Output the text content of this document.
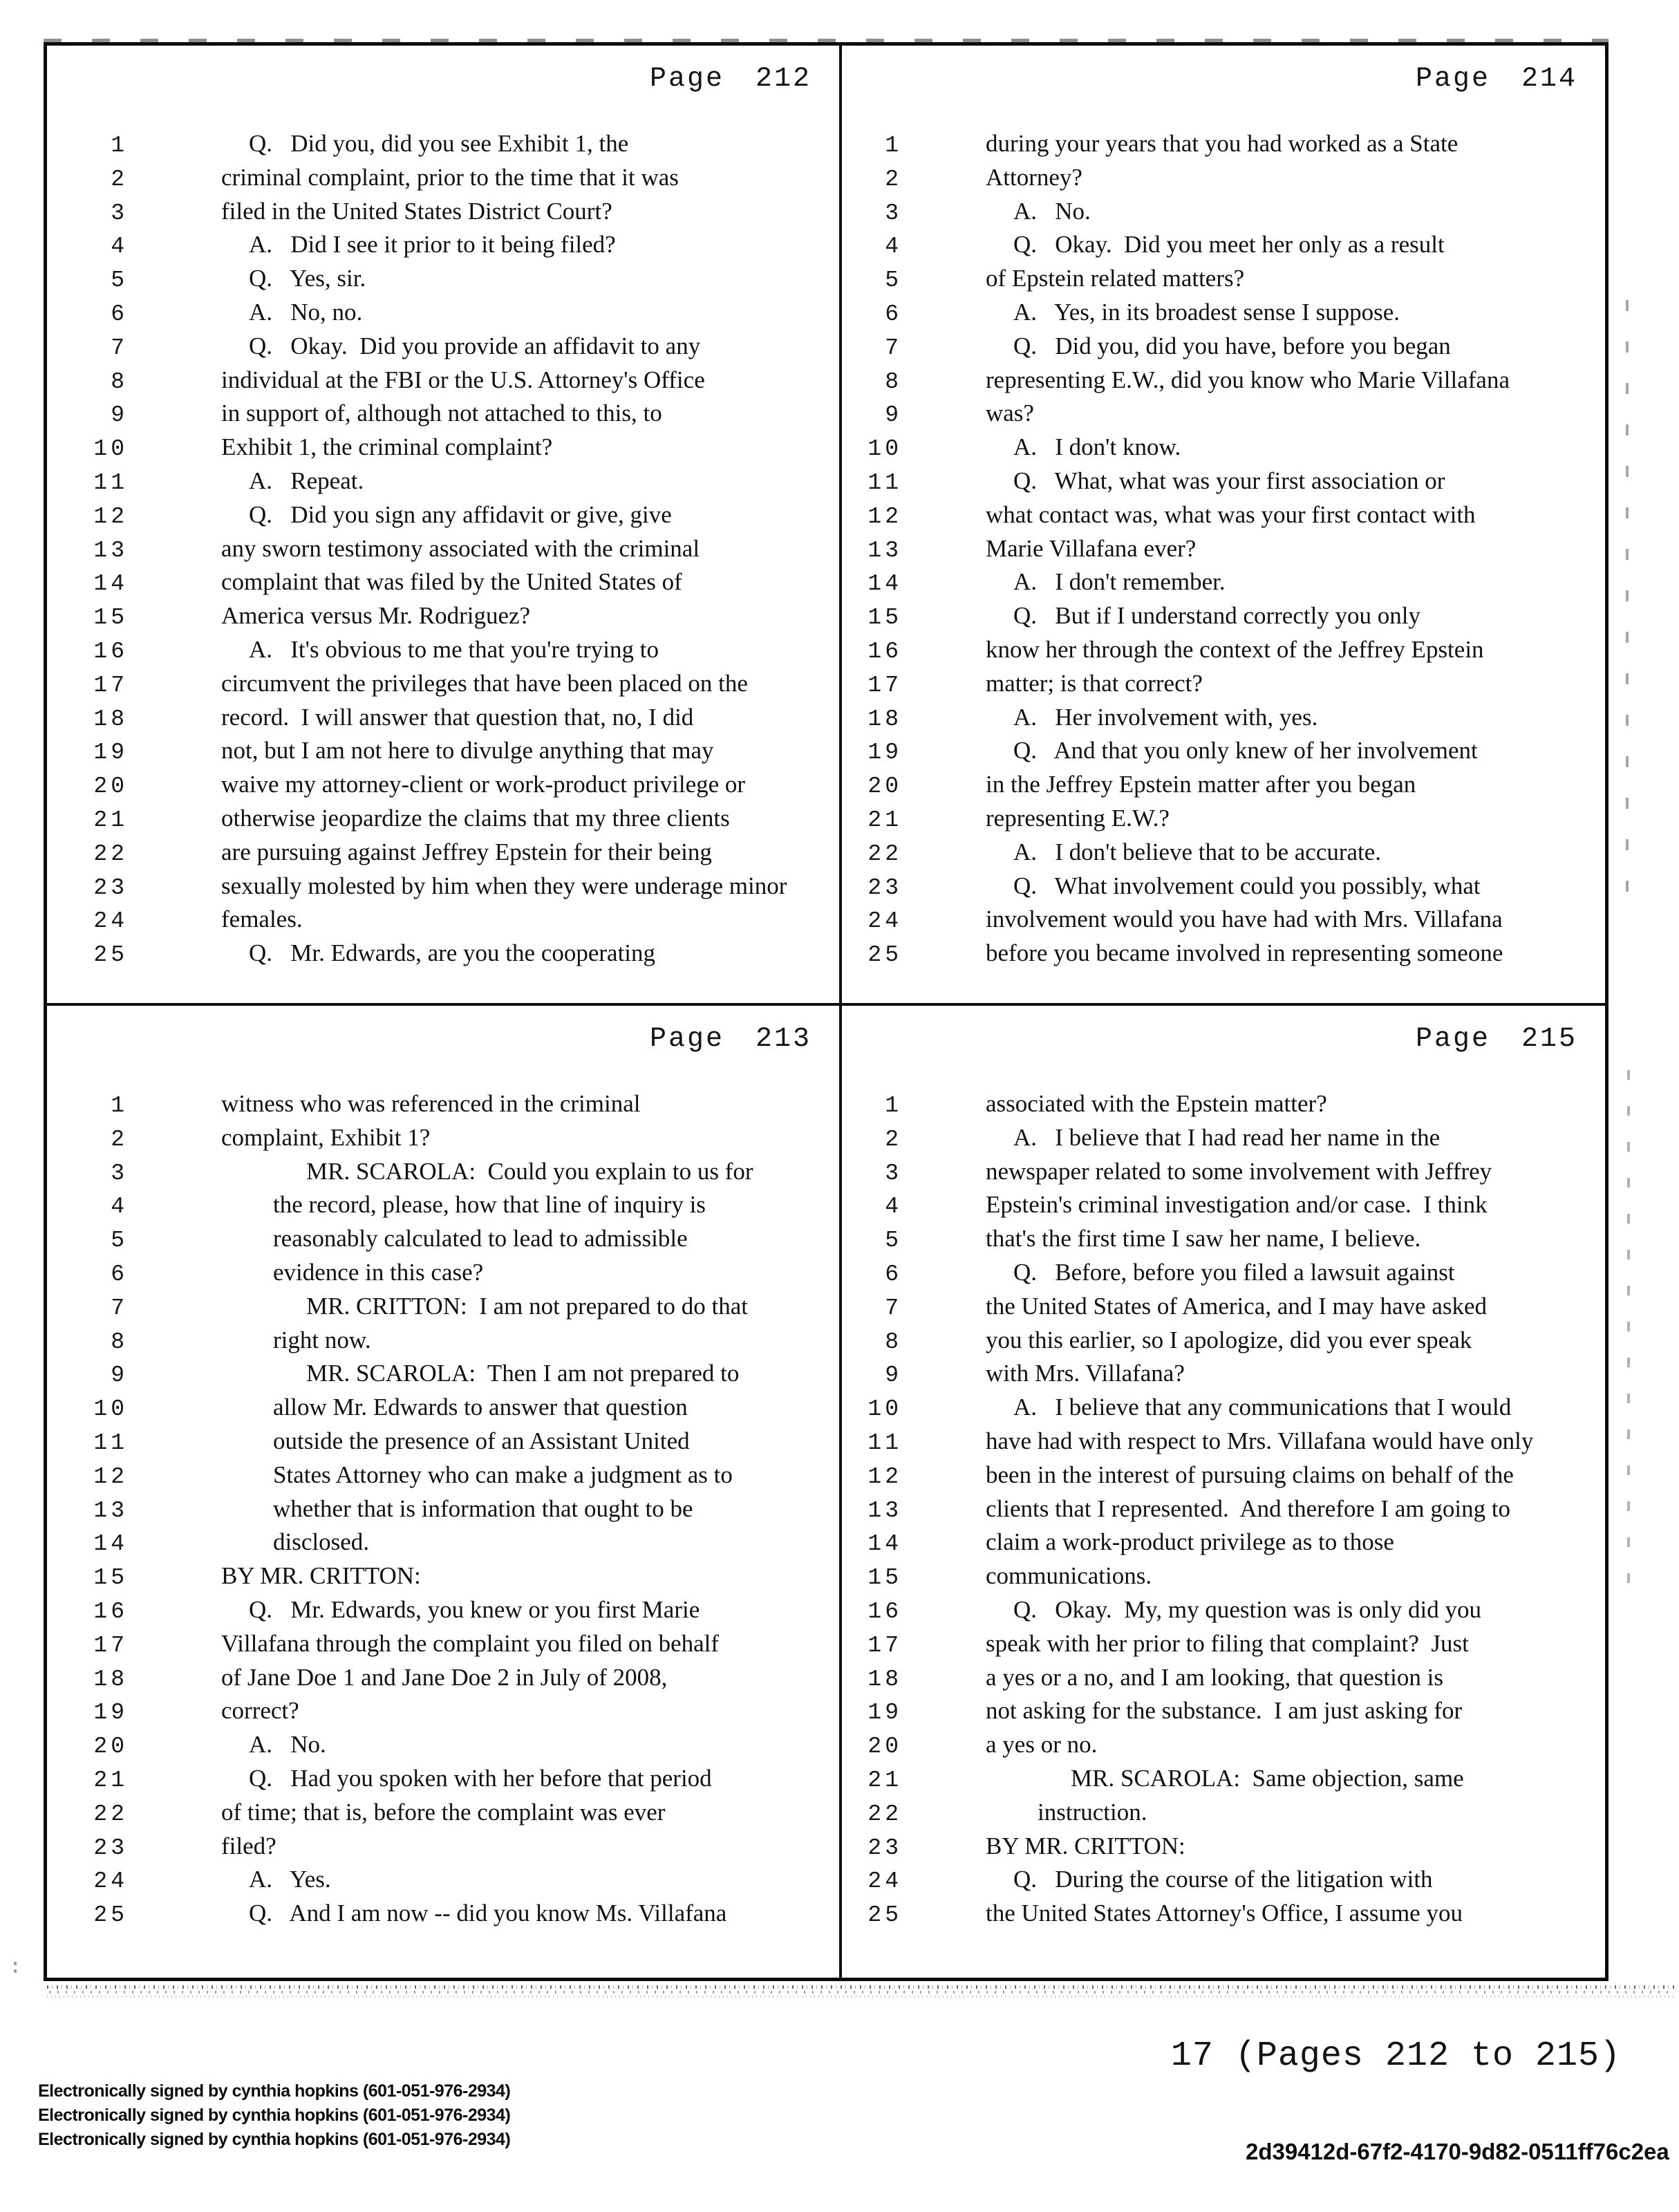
Page 212
1	Q.   Did you, did you see Exhibit 1, the
2	criminal complaint, prior to the time that it was
3	filed in the United States District Court?
4	A.   Did I see it prior to it being filed?
5	Q.   Yes, sir.
6	A.   No, no.
7	Q.   Okay.  Did you provide an affidavit to any
8	individual at the FBI or the U.S. Attorney's Office
9	in support of, although not attached to this, to
10	Exhibit 1, the criminal complaint?
11	A.   Repeat.
12	Q.   Did you sign any affidavit or give, give
13	any sworn testimony associated with the criminal
14	complaint that was filed by the United States of
15	America versus Mr. Rodriguez?
16	A.   It's obvious to me that you're trying to
17	circumvent the privileges that have been placed on the
18	record.  I will answer that question that, no, I did
19	not, but I am not here to divulge anything that may
20	waive my attorney-client or work-product privilege or
21	otherwise jeopardize the claims that my three clients
22	are pursuing against Jeffrey Epstein for their being
23	sexually molested by him when they were underage minor
24	females.
25	Q.   Mr. Edwards, are you the cooperating
Page 214
1	during your years that you had worked as a State
2	Attorney?
3	A.   No.
4	Q.   Okay.  Did you meet her only as a result
5	of Epstein related matters?
6	A.   Yes, in its broadest sense I suppose.
7	Q.   Did you, did you have, before you began
8	representing E.W., did you know who Marie Villafana
9	was?
10	A.   I don't know.
11	Q.   What, what was your first association or
12	what contact was, what was your first contact with
13	Marie Villafana ever?
14	A.   I don't remember.
15	Q.   But if I understand correctly you only
16	know her through the context of the Jeffrey Epstein
17	matter; is that correct?
18	A.   Her involvement with, yes.
19	Q.   And that you only knew of her involvement
20	in the Jeffrey Epstein matter after you began
21	representing E.W.?
22	A.   I don't believe that to be accurate.
23	Q.   What involvement could you possibly, what
24	involvement would you have had with Mrs. Villafana
25	before you became involved in representing someone
Page 213
1	witness who was referenced in the criminal
2	complaint, Exhibit 1?
3	MR. SCAROLA:  Could you explain to us for
4	the record, please, how that line of inquiry is
5	reasonably calculated to lead to admissible
6	evidence in this case?
7	MR. CRITTON:  I am not prepared to do that
8	right now.
9	MR. SCAROLA:  Then I am not prepared to
10	allow Mr. Edwards to answer that question
11	outside the presence of an Assistant United
12	States Attorney who can make a judgment as to
13	whether that is information that ought to be
14	disclosed.
15	BY MR. CRITTON:
16	Q.   Mr. Edwards, you knew or you first Marie
17	Villafana through the complaint you filed on behalf
18	of Jane Doe 1 and Jane Doe 2 in July of 2008,
19	correct?
20	A.   No.
21	Q.   Had you spoken with her before that period
22	of time; that is, before the complaint was ever
23	filed?
24	A.   Yes.
25	Q.   And I am now -- did you know Ms. Villafana
Page 215
1	associated with the Epstein matter?
2	A.   I believe that I had read her name in the
3	newspaper related to some involvement with Jeffrey
4	Epstein's criminal investigation and/or case.  I think
5	that's the first time I saw her name, I believe.
6	Q.   Before, before you filed a lawsuit against
7	the United States of America, and I may have asked
8	you this earlier, so I apologize, did you ever speak
9	with Mrs. Villafana?
10	A.   I believe that any communications that I would
11	have had with respect to Mrs. Villafana would have only
12	been in the interest of pursuing claims on behalf of the
13	clients that I represented.  And therefore I am going to
14	claim a work-product privilege as to those
15	communications.
16	Q.   Okay.  My, my question was is only did you
17	speak with her prior to filing that complaint?  Just
18	a yes or a no, and I am looking, that question is
19	not asking for the substance.  I am just asking for
20	a yes or no.
21	MR. SCAROLA:  Same objection, same
22	instruction.
23	BY MR. CRITTON:
24	Q.   During the course of the litigation with
25	the United States Attorney's Office, I assume you
17 (Pages 212 to 215)
Electronically signed by cynthia hopkins (601-051-976-2934)
Electronically signed by cynthia hopkins (601-051-976-2934)
Electronically signed by cynthia hopkins (601-051-976-2934)	2d39412d-67f2-4170-9d82-0511ff76c2ea
